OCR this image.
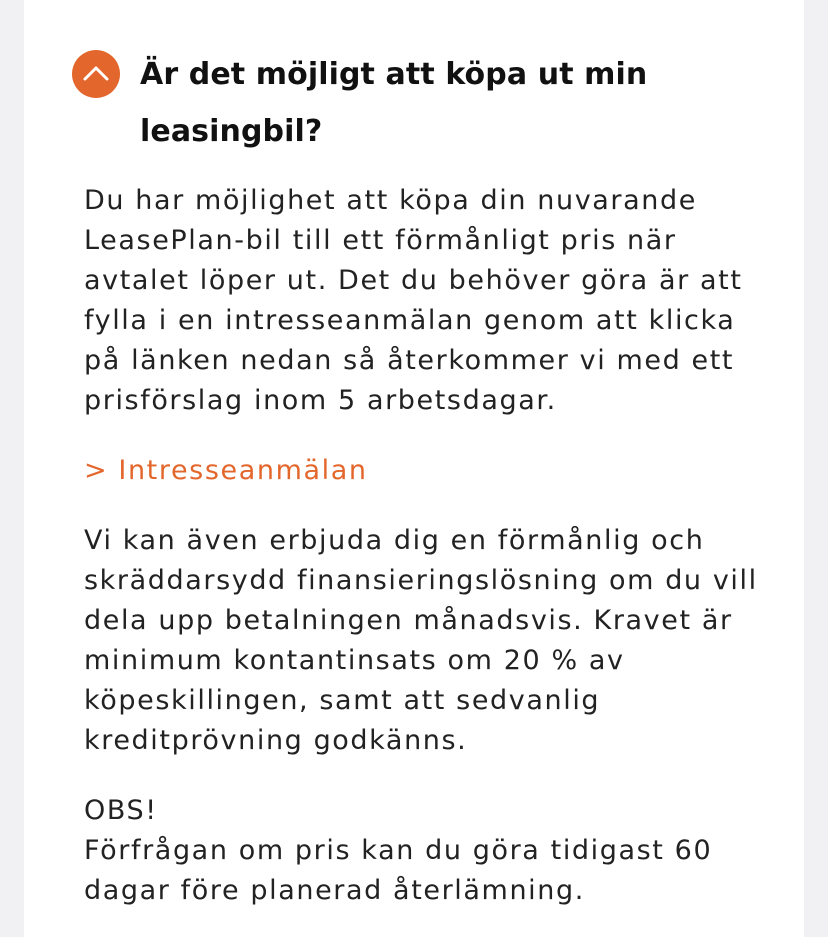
Är det möjligt att köpa ut min leasingbil?

Du har möjlighet att köpa din nuvarande LeasePlan-bil till ett förmånligt pris när avtalet löper ut. Det du behöver göra är att fylla i en intresseanmälan genom att klicka på länken nedan så återkommer vi med ett prisförslag inom 5 arbetsdagar.

> Intresseanmälan

Vi kan även erbjuda dig en förmånlig och skräddarsydd finansieringslösning om du vill dela upp betalningen månadsvis. Kravet är minimum kontantinsats om 20 % av köpeskillingen, samt att sedvanlig kreditprövning godkänns.

OBS!

Förfrågan om pris kan du göra tidigast 60 dagar före planerad återlämning.
